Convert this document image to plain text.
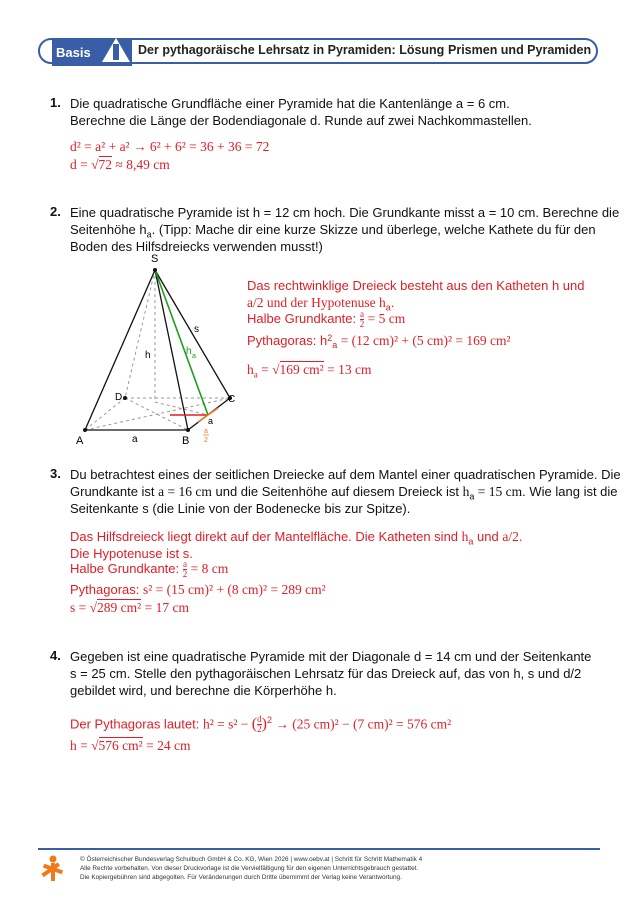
Basis	Der pythagoräische Lehrsatz in Pyramiden: Lösung Prismen und Pyramiden
1. Die quadratische Grundfläche einer Pyramide hat die Kantenlänge a = 6 cm.
Berechne die Länge der Bodendiagonale d. Runde auf zwei Nachkommastellen.
d² = a² + a² → 6² + 6² = 36 + 36 = 72
d = √72 ≈ 8,49 cm
2. Eine quadratische Pyramide ist h = 12 cm hoch. Die Grundkante misst a = 10 cm. Berechne die
Seitenhöhe $h_a$. (Tipp: Mache dir eine kurze Skizze und überlege, welche Kathete du für den
Boden des Hilfsdreiecks verwenden musst!)
S
s
h	h a
D	C
A	B
a
a
a
2
Das rechtwinklige Dreieck besteht aus den Katheten h und
a/2 und der Hypotenuse $h_a$.
Halbe Grundkante: $\frac{a}{2} = 5$ cm
Pythagoras: $h^2_a = (12$ cm)² + (5 cm)² = 169 cm²
$h_a = √169$ cm² = 13 cm
3. Du betrachtest eines der seitlichen Dreiecke auf dem Mantel einer quadratischen Pyramide. Die
Grundkante ist a = 16 cm und die Seitenhöhe auf diesem Dreieck ist $h_a = 15$ cm. Wie lang ist die
Seitenkante s (die Linie von der Bodenecke bis zur Spitze).
Das Hilfsdreieck liegt direkt auf der Mantelfläche. Die Katheten sind $h_a$ und a/2.
Die Hypotenuse ist s.
Halbe Grundkante: $\frac{a}{2} = 8$ cm
Pythagoras: s² = (15 cm)² + (8 cm)² = 289 cm²
s = √289 cm² = 17 cm
4. Gegeben ist eine quadratische Pyramide mit der Diagonale d = 14 cm und der Seitenkante
s = 25 cm. Stelle den pythagoräischen Lehrsatz für das Dreieck auf, das von h, s und d/2
gebildet wird, und berechne die Körperhöhe h.
Der Pythagoras lautet: h² = s² − ( $\frac{d}{2} )^2 \to (25$ cm)² − (7 cm)² = 576 cm²
h = √576 cm² = 24 cm
© Österreichischer Bundesverlag Schulbuch GmbH & Co. KG, Wien 2026 | www.oebv.at | Schritt für Schritt Mathematik 4
Alle Rechte vorbehalten. Von dieser Druckvorlage ist die Vervielfältigung für den eigenen Unterrichtsgebrauch gestattet.
Die Kopiergebühren sind abgegolten. Für Veränderungen durch Dritte übernimmt der Verlag keine Verantwortung.
